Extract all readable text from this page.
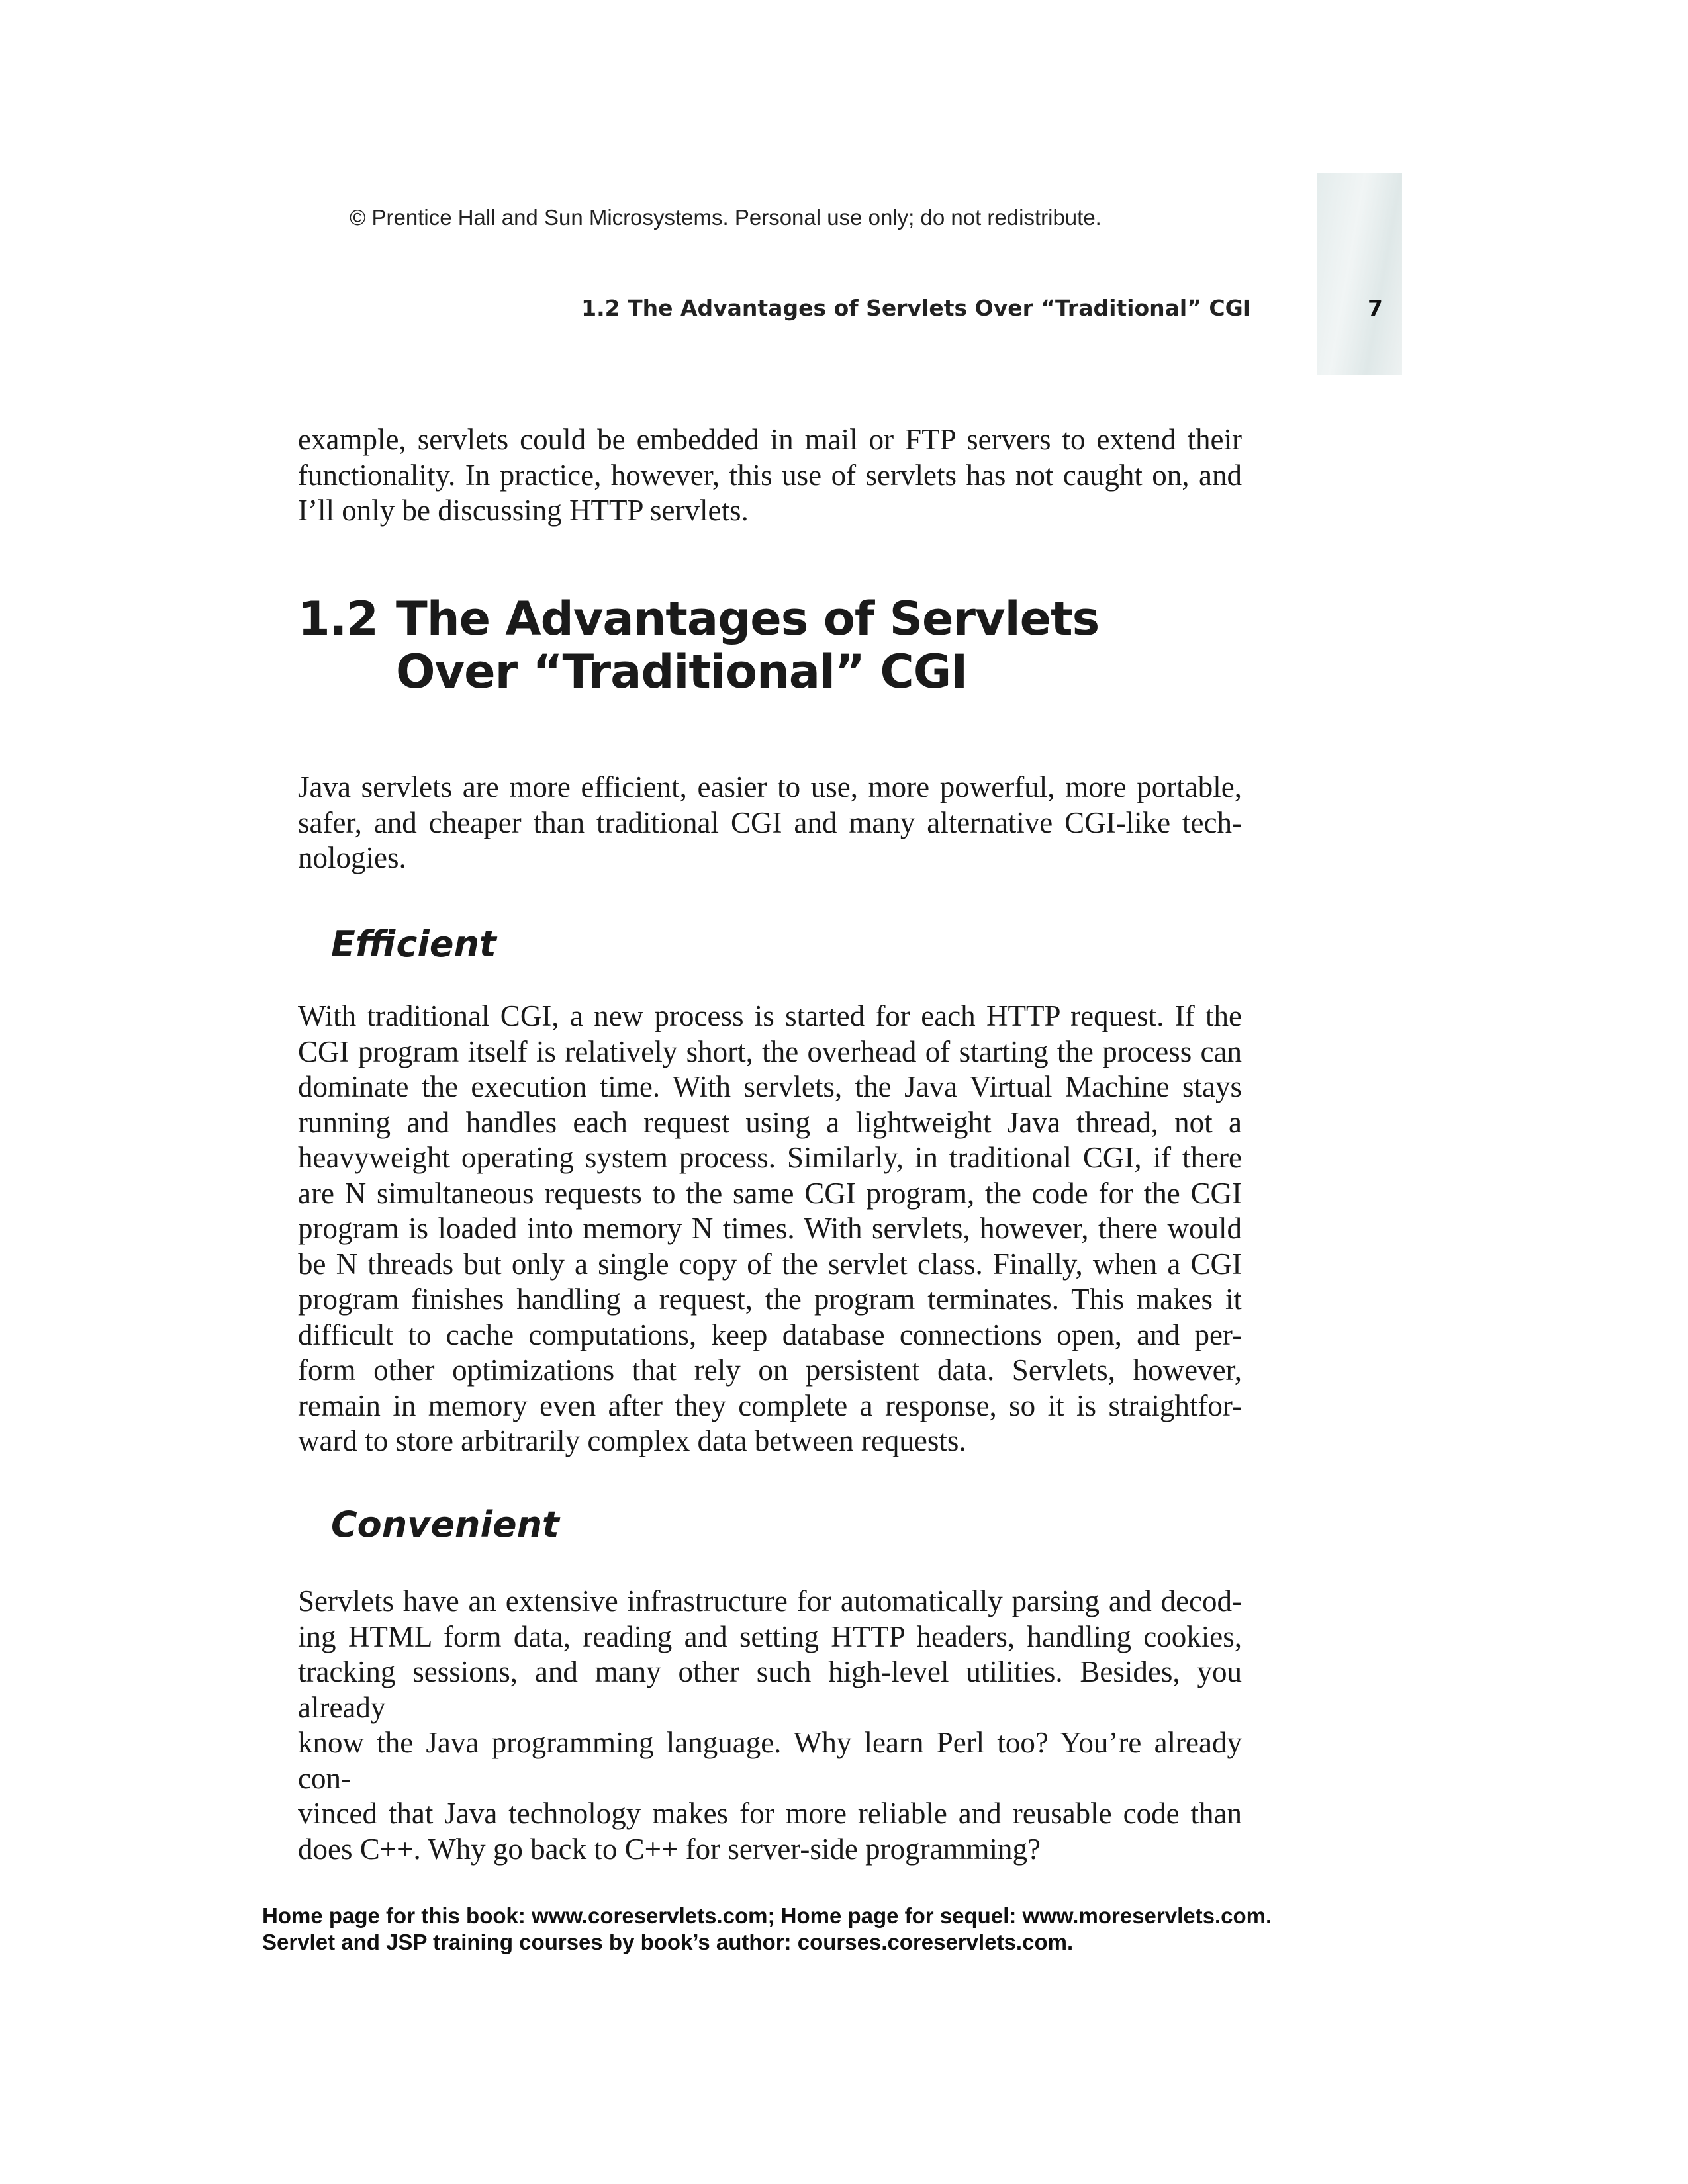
© Prentice Hall and Sun Microsystems. Personal use only; do not redistribute.
1.2 The Advantages of Servlets Over “Traditional” CGI	7

example, servlets could be embedded in mail or FTP servers to extend their
functionality. In practice, however, this use of servlets has not caught on, and
I’ll only be discussing HTTP servlets.

1.2 The Advantages of Servlets
Over “Traditional” CGI

Java servlets are more efficient, easier to use, more powerful, more portable,
safer, and cheaper than traditional CGI and many alternative CGI-like tech-
nologies.

Efficient

With traditional CGI, a new process is started for each HTTP request. If the
CGI program itself is relatively short, the overhead of starting the process can
dominate the execution time. With servlets, the Java Virtual Machine stays
running and handles each request using a lightweight Java thread, not a
heavyweight operating system process. Similarly, in traditional CGI, if there
are N simultaneous requests to the same CGI program, the code for the CGI
program is loaded into memory N times. With servlets, however, there would
be N threads but only a single copy of the servlet class. Finally, when a CGI
program finishes handling a request, the program terminates. This makes it
difficult to cache computations, keep database connections open, and per-
form other optimizations that rely on persistent data. Servlets, however,
remain in memory even after they complete a response, so it is straightfor-
ward to store arbitrarily complex data between requests.

Convenient

Servlets have an extensive infrastructure for automatically parsing and decod-
ing HTML form data, reading and setting HTTP headers, handling cookies,
tracking sessions, and many other such high-level utilities. Besides, you already
know the Java programming language. Why learn Perl too? You’re already con-
vinced that Java technology makes for more reliable and reusable code than
does C++. Why go back to C++ for server-side programming?

Home page for this book: www.coreservlets.com; Home page for sequel: www.moreservlets.com.
Servlet and JSP training courses by book’s author: courses.coreservlets.com.
